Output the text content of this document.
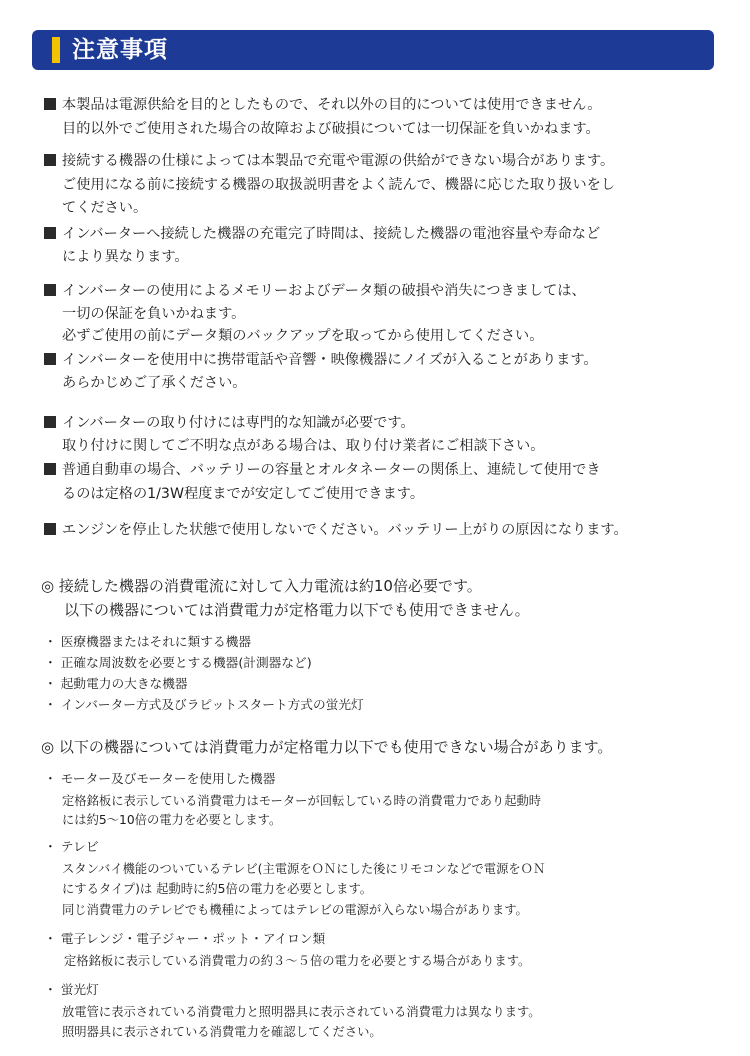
注意事項
本製品は電源供給を目的としたもので、それ以外の目的については使用できません。
目的以外でご使用された場合の故障および破損については一切保証を負いかねます。
接続する機器の仕様によっては本製品で充電や電源の供給ができない場合があります。
ご使用になる前に接続する機器の取扱説明書をよく読んで、機器に応じた取り扱いをし
てください。
インバーターへ接続した機器の充電完了時間は、接続した機器の電池容量や寿命など
により異なります。
インバーターの使用によるメモリーおよびデータ類の破損や消失につきましては、
一切の保証を負いかねます。
必ずご使用の前にデータ類のバックアップを取ってから使用してください。
インバーターを使用中に携帯電話や音響・映像機器にノイズが入ることがあります。
あらかじめご了承ください。
インバーターの取り付けには専門的な知識が必要です。
取り付けに関してご不明な点がある場合は、取り付け業者にご相談下さい。
普通自動車の場合、バッテリーの容量とオルタネーターの関係上、連続して使用でき
るのは定格の1/3W程度までが安定してご使用できます。
エンジンを停止した状態で使用しないでください。バッテリー上がりの原因になります。
◎ 接続した機器の消費電流に対して入力電流は約10倍必要です。
以下の機器については消費電力が定格電力以下でも使用できません。
・ 医療機器またはそれに類する機器
・ 正確な周波数を必要とする機器(計測器など)
・ 起動電力の大きな機器
・ インバーター方式及びラピットスタート方式の蛍光灯
◎ 以下の機器については消費電力が定格電力以下でも使用できない場合があります。
・ モーター及びモーターを使用した機器
定格銘板に表示している消費電力はモーターが回転している時の消費電力であり起動時
には約5～10倍の電力を必要とします。
・ テレビ
スタンバイ機能のついているテレビ(主電源をＯＮにした後にリモコンなどで電源をＯＮ
にするタイプ)は 起動時に約5倍の電力を必要とします。
同じ消費電力のテレビでも機種によってはテレビの電源が入らない場合があります。
・ 電子レンジ・電子ジャー・ポット・アイロン類
定格銘板に表示している消費電力の約３～５倍の電力を必要とする場合があります。
・ 蛍光灯
放電管に表示されている消費電力と照明器具に表示されている消費電力は異なります。
照明器具に表示されている消費電力を確認してください。
